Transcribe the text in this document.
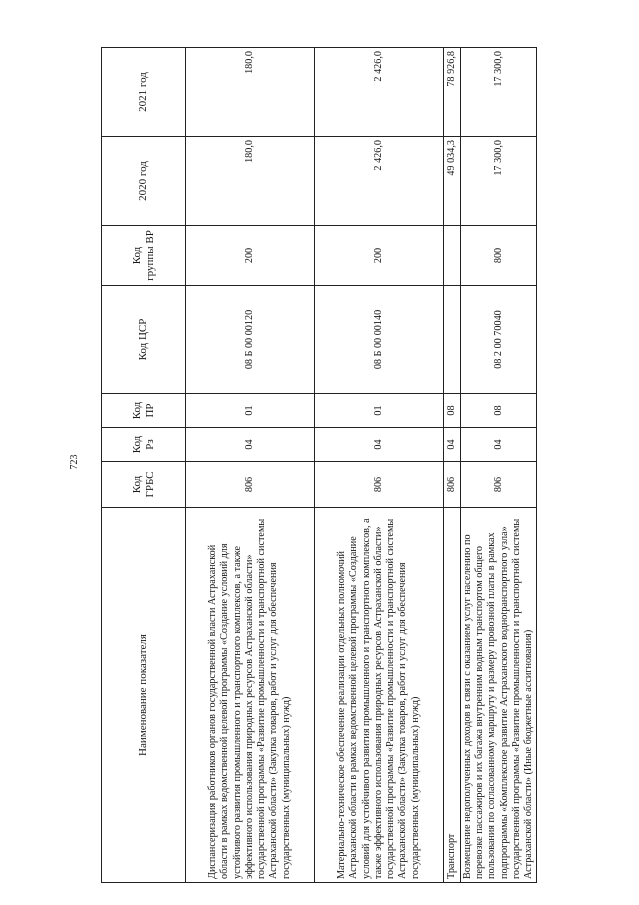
723
Наименование показателя	Код ГРБС	Код Рз	Код ПР	Код ЦСР	Код группы ВР	2020 год	2021 год
Диспансеризация работников органов государственной власти Астраханской области в рамках ведомственной целевой программы «Создание условий для устойчивого развития промышленного и транспортного комплексов, а также эффективного использования природных ресурсов Астраханской области» государственной программы «Развитие промышленности и транспортной системы Астраханской области» (Закупка товаров, работ и услуг для обеспечения государственных (муниципальных) нужд)	806	04	01	08 Б 00 00120	200	180,0	180,0
Материально-техническое обеспечение реализации отдельных полномочий Астраханской области в рамках ведомственной целевой программы «Создание условий для устойчивого развития промышленного и транспортного комплексов, а также эффективного использования природных ресурсов Астраханской области» государственной программы «Развитие промышленности и транспортной системы Астраханской области» (Закупка товаров, работ и услуг для обеспечения государственных (муниципальных) нужд)	806	04	01	08 Б 00 00140	200	2 426,0	2 426,0
Транспорт	806	04	08			49 034,3	78 926,8
Возмещение недополученных доходов в связи с оказанием услуг населению по перевозке пассажиров и их багажа внутренним водным транспортом общего пользования по согласованному маршруту и размеру провозной платы в рамках подпрограммы «Комплексное развитие Астраханского водноtранспортного узла» государственной программы «Развитие промышленности и транспортной системы Астраханской области» (Иные бюджетные ассигнования)	806	04	08	08 2 00 70040	800	17 300,0	17 300,0
